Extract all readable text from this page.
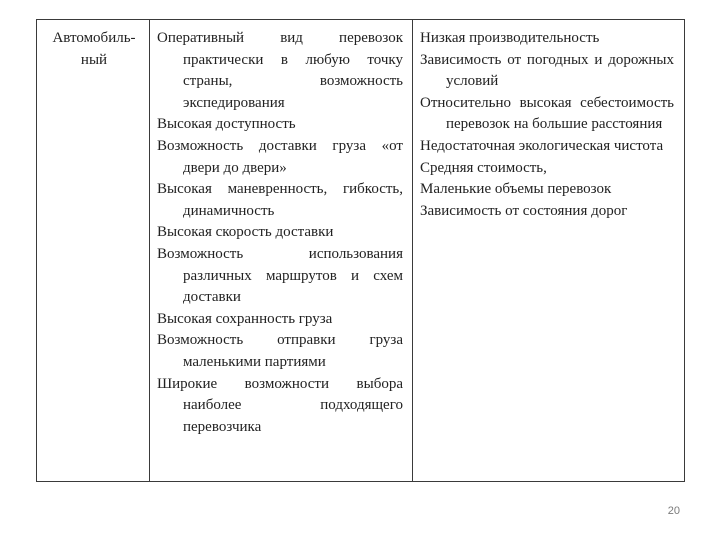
Автомобиль-ный
Оперативный вид перевозок практически в любую точку страны, возможность экспедирования
Высокая доступность
Возможность доставки груза «от двери до двери»
Высокая маневренность, гибкость, динамичность
Высокая скорость доставки
Возможность использования различных маршрутов и схем доставки
Высокая сохранность груза
Возможность отправки груза маленькими партиями
Широкие возможности выбора наиболее подходящего перевозчика
Низкая производительность
Зависимость от погодных и дорожных условий
Относительно высокая себестоимость перевозок на большие расстояния
Недостаточная экологическая чистота
Средняя стоимость,
Маленькие объемы перевозок
Зависимость от состояния дорог
20
